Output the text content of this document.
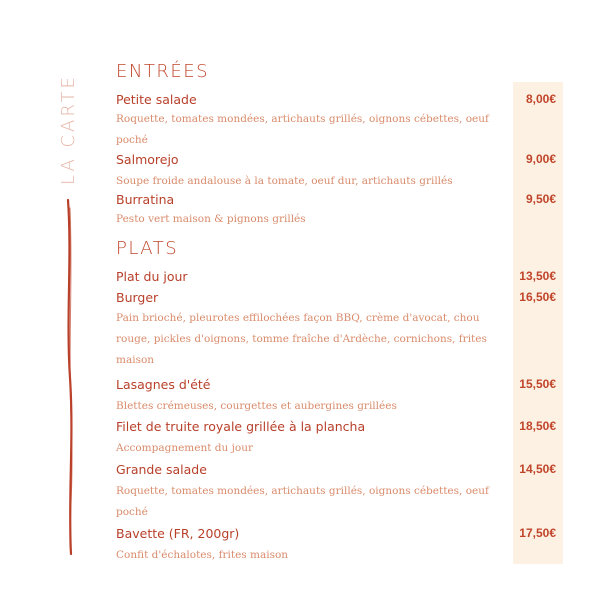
LA CARTE
ENTRÉES
Petite salade	8,00€
Roquette, tomates mondées, artichauts grillés, oignons cébettes, oeuf poché
Salmorejo	9,00€
Soupe froide andalouse à la tomate, oeuf dur, artichauts grillés
Burratina	9,50€
Pesto vert maison & pignons grillés
PLATS
Plat du jour	13,50€
Burger	16,50€
Pain brioché, pleurotes effilochées façon BBQ, crème d'avocat, chou rouge, pickles d'oignons, tomme fraîche d'Ardèche, cornichons, frites maison
Lasagnes d'été	15,50€
Blettes crémeuses, courgettes et aubergines grillées
Filet de truite royale grillée à la plancha	18,50€
Accompagnement du jour
Grande salade	14,50€
Roquette, tomates mondées, artichauts grillés, oignons cébettes, oeuf poché
Bavette (FR, 200gr)	17,50€
Confit d'échalotes, frites maison
